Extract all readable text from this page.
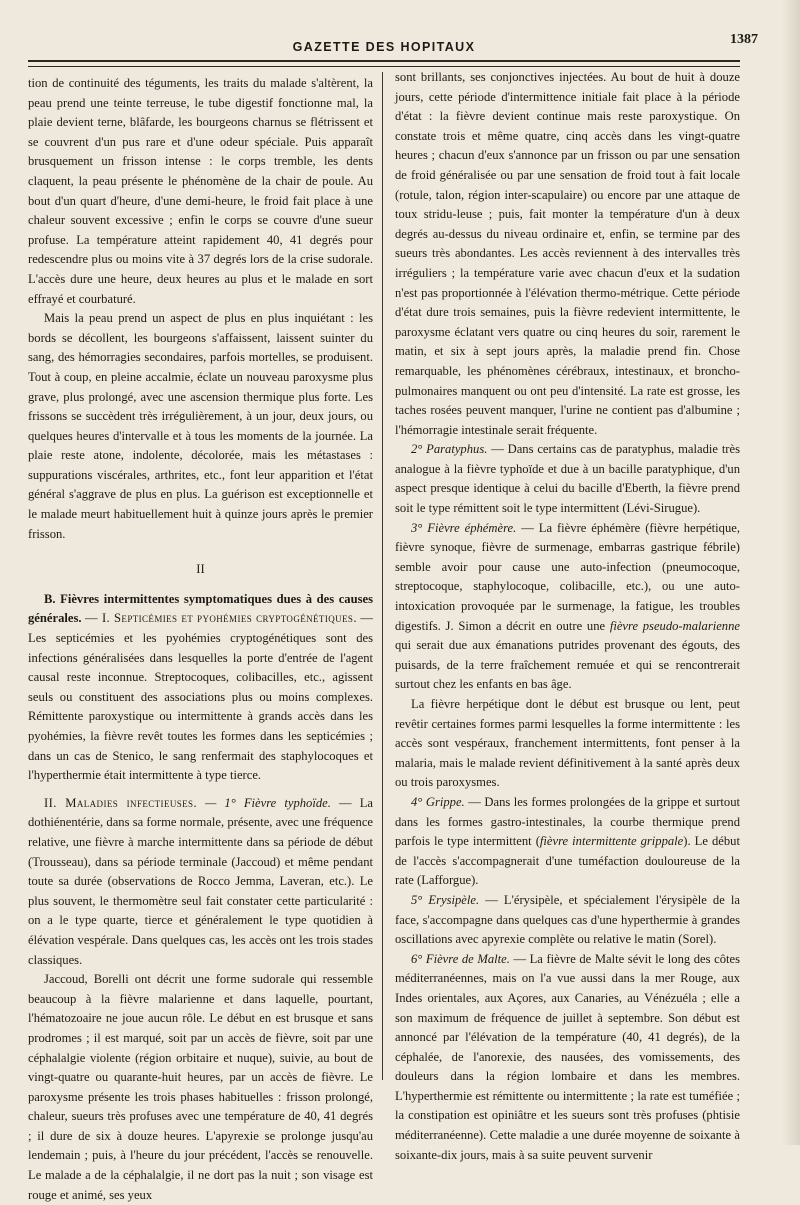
GAZETTE DES HOPITAUX	1387

tion de continuité des téguments, les traits du malade s'altèrent, la peau prend une teinte terreuse, le tube digestif fonctionne mal, la plaie devient terne, blâfarde, les bourgeons charnus se flétrissent et se couvrent d'un pus rare et d'une odeur spéciale. Puis apparaît brusquement un frisson intense : le corps tremble, les dents claquent, la peau présente le phénomène de la chair de poule. Au bout d'un quart d'heure, d'une demi-heure, le froid fait place à une chaleur souvent excessive ; enfin le corps se couvre d'une sueur profuse. La température atteint rapidement 40, 41 degrés pour redescendre plus ou moins vite à 37 degrés lors de la crise sudorale. L'accès dure une heure, deux heures au plus et le malade en sort effrayé et courbaturé.

Mais la peau prend un aspect de plus en plus inquiétant : les bords se décollent, les bourgeons s'affaissent, laissent suinter du sang, des hémorragies secondaires, parfois mortelles, se produisent. Tout à coup, en pleine accalmie, éclate un nouveau paroxysme plus grave, plus prolongé, avec une ascension thermique plus forte. Les frissons se succèdent très irrégulièrement, à un jour, deux jours, ou quelques heures d'intervalle et à tous les moments de la journée. La plaie reste atone, indolente, décolorée, mais les métastases : suppurations viscérales, arthrites, etc., font leur apparition et l'état général s'aggrave de plus en plus. La guérison est exceptionnelle et le malade meurt habituellement huit à quinze jours après le premier frisson.

II

B. Fièvres intermittentes symptomatiques dues à des causes générales. — I. Septicémies et pyohémies cryptogénétiques. — Les septicémies et les pyohémies cryptogénétiques sont des infections généralisées dans lesquelles la porte d'entrée de l'agent causal reste inconnue. Streptocoques, colibacilles, etc., agissent seuls ou constituent des associations plus ou moins complexes. Rémittente paroxystique ou intermittente à grands accès dans les pyohémies, la fièvre revêt toutes les formes dans les septicémies ; dans un cas de Stenico, le sang renfermait des staphylocoques et l'hyperthermie était intermittente à type tierce.

II. Maladies infectieuses. — 1° Fièvre typhoïde. — La dothiénentérie, dans sa forme normale, présente, avec une fréquence relative, une fièvre à marche intermittente dans sa période de début (Trousseau), dans sa période terminale (Jaccoud) et même pendant toute sa durée (observations de Rocco Jemma, Laveran, etc.). Le plus souvent, le thermomètre seul fait constater cette particularité : on a le type quarte, tierce et généralement le type quotidien à élévation vespérale. Dans quelques cas, les accès ont les trois stades classiques.

Jaccoud, Borelli ont décrit une forme sudorale qui ressemble beaucoup à la fièvre malarienne et dans laquelle, pourtant, l'hématozoaire ne joue aucun rôle. Le début en est brusque et sans prodromes ; il est marqué, soit par un accès de fièvre, soit par une céphalalgie violente (région orbitaire et nuque), suivie, au bout de vingt-quatre ou quarante-huit heures, par un accès de fièvre. Le paroxysme présente les trois phases habituelles : frisson prolongé, chaleur, sueurs très profuses avec une température de 40, 41 degrés ; il dure de six à douze heures. L'apyrexie se prolonge jusqu'au lendemain ; puis, à l'heure du jour précédent, l'accès se renouvelle. Le malade a de la céphalalgie, il ne dort pas la nuit ; son visage est rouge et animé, ses yeux

sont brillants, ses conjonctives injectées. Au bout de huit à douze jours, cette période d'intermittence initiale fait place à la période d'état : la fièvre devient continue mais reste paroxystique. On constate trois et même quatre, cinq accès dans les vingt-quatre heures ; chacun d'eux s'annonce par un frisson ou par une sensation de froid généralisée ou par une sensation de froid tout à fait locale (rotule, talon, région inter-scapulaire) ou encore par une attaque de toux stridu-leuse ; puis, fait monter la température d'un à deux degrés au-dessus du niveau ordinaire et, enfin, se termine par des sueurs très abondantes. Les accès reviennent à des intervalles très irréguliers ; la température varie avec chacun d'eux et la sudation n'est pas proportionnée à l'élévation thermo-métrique. Cette période d'état dure trois semaines, puis la fièvre redevient intermittente, le paroxysme éclatant vers quatre ou cinq heures du soir, rarement le matin, et six à sept jours après, la maladie prend fin. Chose remarquable, les phénomènes cérébraux, intestinaux, et broncho-pulmonaires manquent ou ont peu d'intensité. La rate est grosse, les taches rosées peuvent manquer, l'urine ne contient pas d'albumine ; l'hémorragie intestinale serait fréquente.

2° Paratyphus. — Dans certains cas de paratyphus, maladie très analogue à la fièvre typhoïde et due à un bacille paratyphique, d'un aspect presque identique à celui du bacille d'Eberth, la fièvre prend soit le type rémittent soit le type intermittent (Lévi-Sirugue).

3° Fièvre éphémère. — La fièvre éphémère (fièvre herpétique, fièvre synoque, fièvre de surmenage, embarras gastrique fébrile) semble avoir pour cause une auto-infection (pneumocoque, streptocoque, staphylocoque, colibacille, etc.), ou une auto-intoxication provoquée par le surmenage, la fatigue, les troubles digestifs. J. Simon a décrit en outre une fièvre pseudo-malarienne qui serait due aux émanations putrides provenant des égouts, des puisards, de la terre fraîchement remuée et qui se rencontrerait surtout chez les enfants en bas âge.

La fièvre herpétique dont le début est brusque ou lent, peut revêtir certaines formes parmi lesquelles la forme intermittente : les accès sont vespéraux, franchement intermittents, font penser à la malaria, mais le malade revient définitivement à la santé après deux ou trois paroxysmes.

4° Grippe. — Dans les formes prolongées de la grippe et surtout dans les formes gastro-intestinales, la courbe thermique prend parfois le type intermittent (fièvre intermittente grippale). Le début de l'accès s'accompagnerait d'une tuméfaction douloureuse de la rate (Lafforgue).

5° Erysipèle. — L'érysipèle, et spécialement l'érysipèle de la face, s'accompagne dans quelques cas d'une hyperthermie à grandes oscillations avec apyrexie complète ou relative le matin (Sorel).

6° Fièvre de Malte. — La fièvre de Malte sévit le long des côtes méditerranéennes, mais on l'a vue aussi dans la mer Rouge, aux Indes orientales, aux Açores, aux Canaries, au Vénézuéla ; elle a son maximum de fréquence de juillet à septembre. Son début est annoncé par l'élévation de la température (40, 41 degrés), de la céphalée, de l'anorexie, des nausées, des vomissements, des douleurs dans la région lombaire et dans les membres. L'hyperthermie est rémittente ou intermittente ; la rate est tuméfiée ; la constipation est opiniâtre et les sueurs sont très profuses (phtisie méditerranéenne). Cette maladie a une durée moyenne de soixante à soixante-dix jours, mais à sa suite peuvent survenir
